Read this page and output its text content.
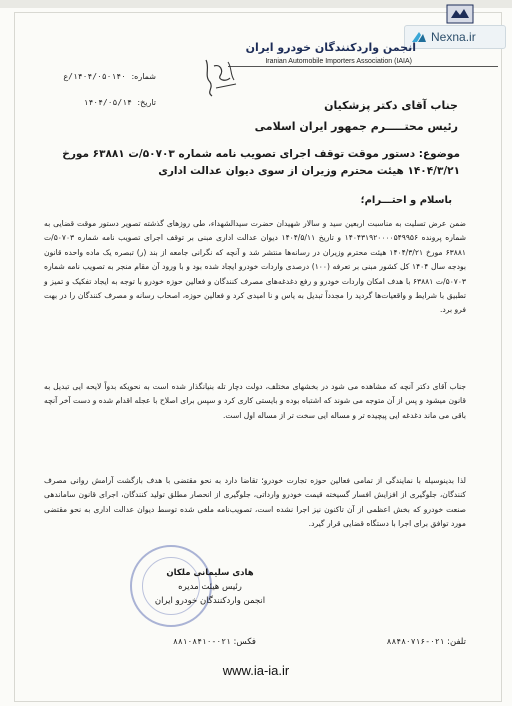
Nexna.ir
انجمن واردکنندگان خودرو ایران
Iranian Automobile Importers Association (IAIA)
شماره: ۱۴۰۴/۰۵۰۱۴۰/ع
تاریخ: ۱۴۰۴/۰۵/۱۴	جناب آقای دکتر پزشکیان
رئیس محتـــــرم جمهور ایران اسلامی
موضوع: دستور موقت توقف اجرای تصویب نامه شماره ۵۰۷۰۳/ت ۶۳۸۸۱ مورخ ۱۴۰۴/۳/۲۱ هیئت محترم وزیران از سوی دیوان عدالت اداری
باسلام و احتـــرام؛
ضمن عرض تسلیت به مناسبت اربعین سید و سالار شهیدان حضرت سیدالشهداء، طی روزهای گذشته تصویر دستور موقت قضایی به شماره پرونده ۱۴۰۴۳۱۹۲۰۰۰۰۵۴۹۹۵۶ و تاریخ ۱۴۰۴/۵/۱۱ دیوان عدالت اداری مبنی بر توقف اجرای تصویب نامه شماره ۵۰۷۰۳/ت ۶۳۸۸۱ مورخ ۱۴۰۴/۳/۲۱ هیئت محترم وزیران در رسانه‌ها منتشر شد و آنچه که نگرانی جامعه از بند (ر) تبصره یک ماده واحده قانون بودجه سال ۱۴۰۴ کل کشور مبنی بر تعرفه (۱۰۰) درصدی واردات خودرو ایجاد شده بود و با ورود آن مقام منجر به تصویب نامه شماره ۵۰۷۰۳/ت ۶۳۸۸۱ با هدف امکان واردات خودرو و رفع دغدغه‌های مصرف کنندگان و فعالین حوزه خودرو با توجه به ایجاد تفکیک و تمیز و تطبیق با شرایط و واقعیات‌ها گردید را مجدداً تبدیل به یاس و نا امیدی کرد و فعالین حوزه، اصحاب رسانه و مصرف کنندگان را در بهت فرو برد.
جناب آقای دکتر آنچه که مشاهده می شود در بخشهای مختلف، دولت دچار تله بنیانگذار شده است به نحویکه بدواً لایحه ایی تبدیل به قانون میشود و پس از آن متوجه می شوند که اشتباه بوده و بایستی کاری کرد و سپس برای اصلاح با عجله اقدام شده و دست آخر آنچه باقی می ماند دغدغه ایی پیچیده تر و مساله ایی سخت تر از مساله اول است.
لذا بدینوسیله با نمایندگی از تمامی فعالین حوزه تجارت خودرو؛ تقاضا دارد به نحو مقتضی با هدف بازگشت آرامش روانی مصرف کنندگان، جلوگیری از افزایش افسار گسیخته قیمت خودرو وارداتی، جلوگیری از انحصار مطلق تولید کنندگان، اجرای قانون ساماندهی صنعت خودرو که بخش اعظمی از آن تاکنون نیز اجرا نشده است، تصویب‌نامه ملغی شده توسط دیوان عدالت اداری به نحو مقتضی مورد توافق برای اجرا با دستگاه قضایی قرار گیرد.
هادی سلیمانی ملکان
رئیس هیئت مدیره
انجمن واردکنندگان خودرو ایران
تلفن: ۰۲۱-۸۸۴۸۰۷۱۶
فکس: ۰۲۱-۸۸۱۰۸۴۱۰
www.ia-ia.ir
